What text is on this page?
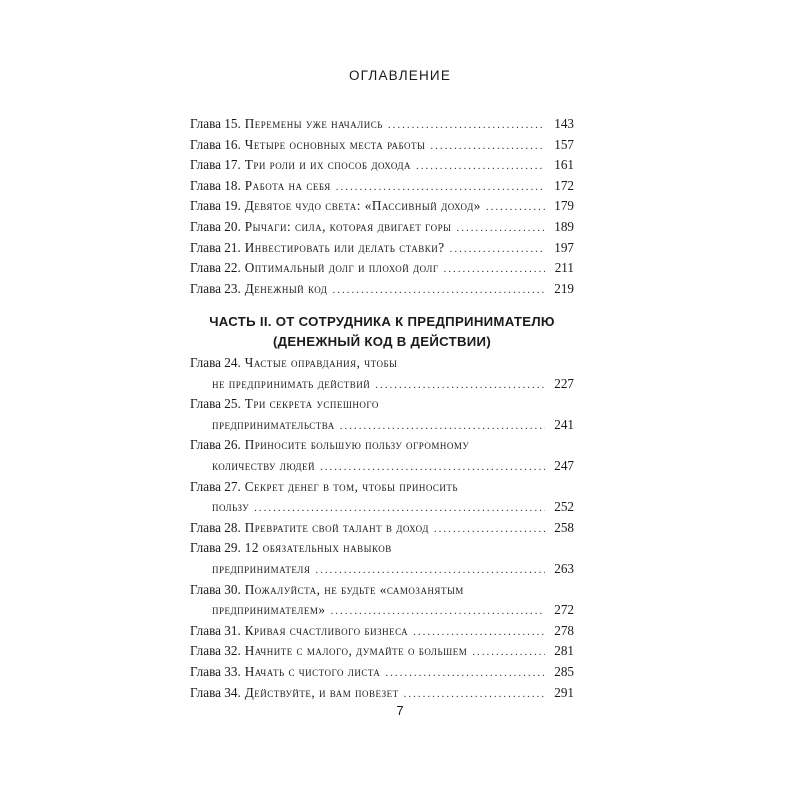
ОГЛАВЛЕНИЕ
Глава 15. Перемены уже начались .....	143
Глава 16. Четыре основных места работы .....	157
Глава 17. Три роли и их способ дохода .....	161
Глава 18. Работа на себя .....	172
Глава 19. Девятое чудо света: «Пассивный доход» .....	179
Глава 20. Рычаги: сила, которая двигает горы .....	189
Глава 21. Инвестировать или делать ставки? .....	197
Глава 22. Оптимальный долг и плохой долг .....	211
Глава 23. Денежный код .....	219
ЧАСТЬ II. ОТ СОТРУДНИКА К ПРЕДПРИНИМАТЕЛЮ
(ДЕНЕЖНЫЙ КОД В ДЕЙСТВИИ)
Глава 24. Частые оправдания, чтобы
не предпринимать действий .....	227
Глава 25. Три секрета успешного
предпринимательства .....	241
Глава 26. Приносите большую пользу огромному
количеству людей .....	247
Глава 27. Секрет денег в том, чтобы приносить
пользу .....	252
Глава 28. Превратите свой талант в доход .....	258
Глава 29. 12 обязательных навыков
предпринимателя .....	263
Глава 30. Пожалуйста, не будьте «самозанятым
предпринимателем» .....	272
Глава 31. Кривая счастливого бизнеса .....	278
Глава 32. Начните с малого, думайте о большем .....	281
Глава 33. Начать с чистого листа .....	285
Глава 34. Действуйте, и вам повезет .....	291
7
